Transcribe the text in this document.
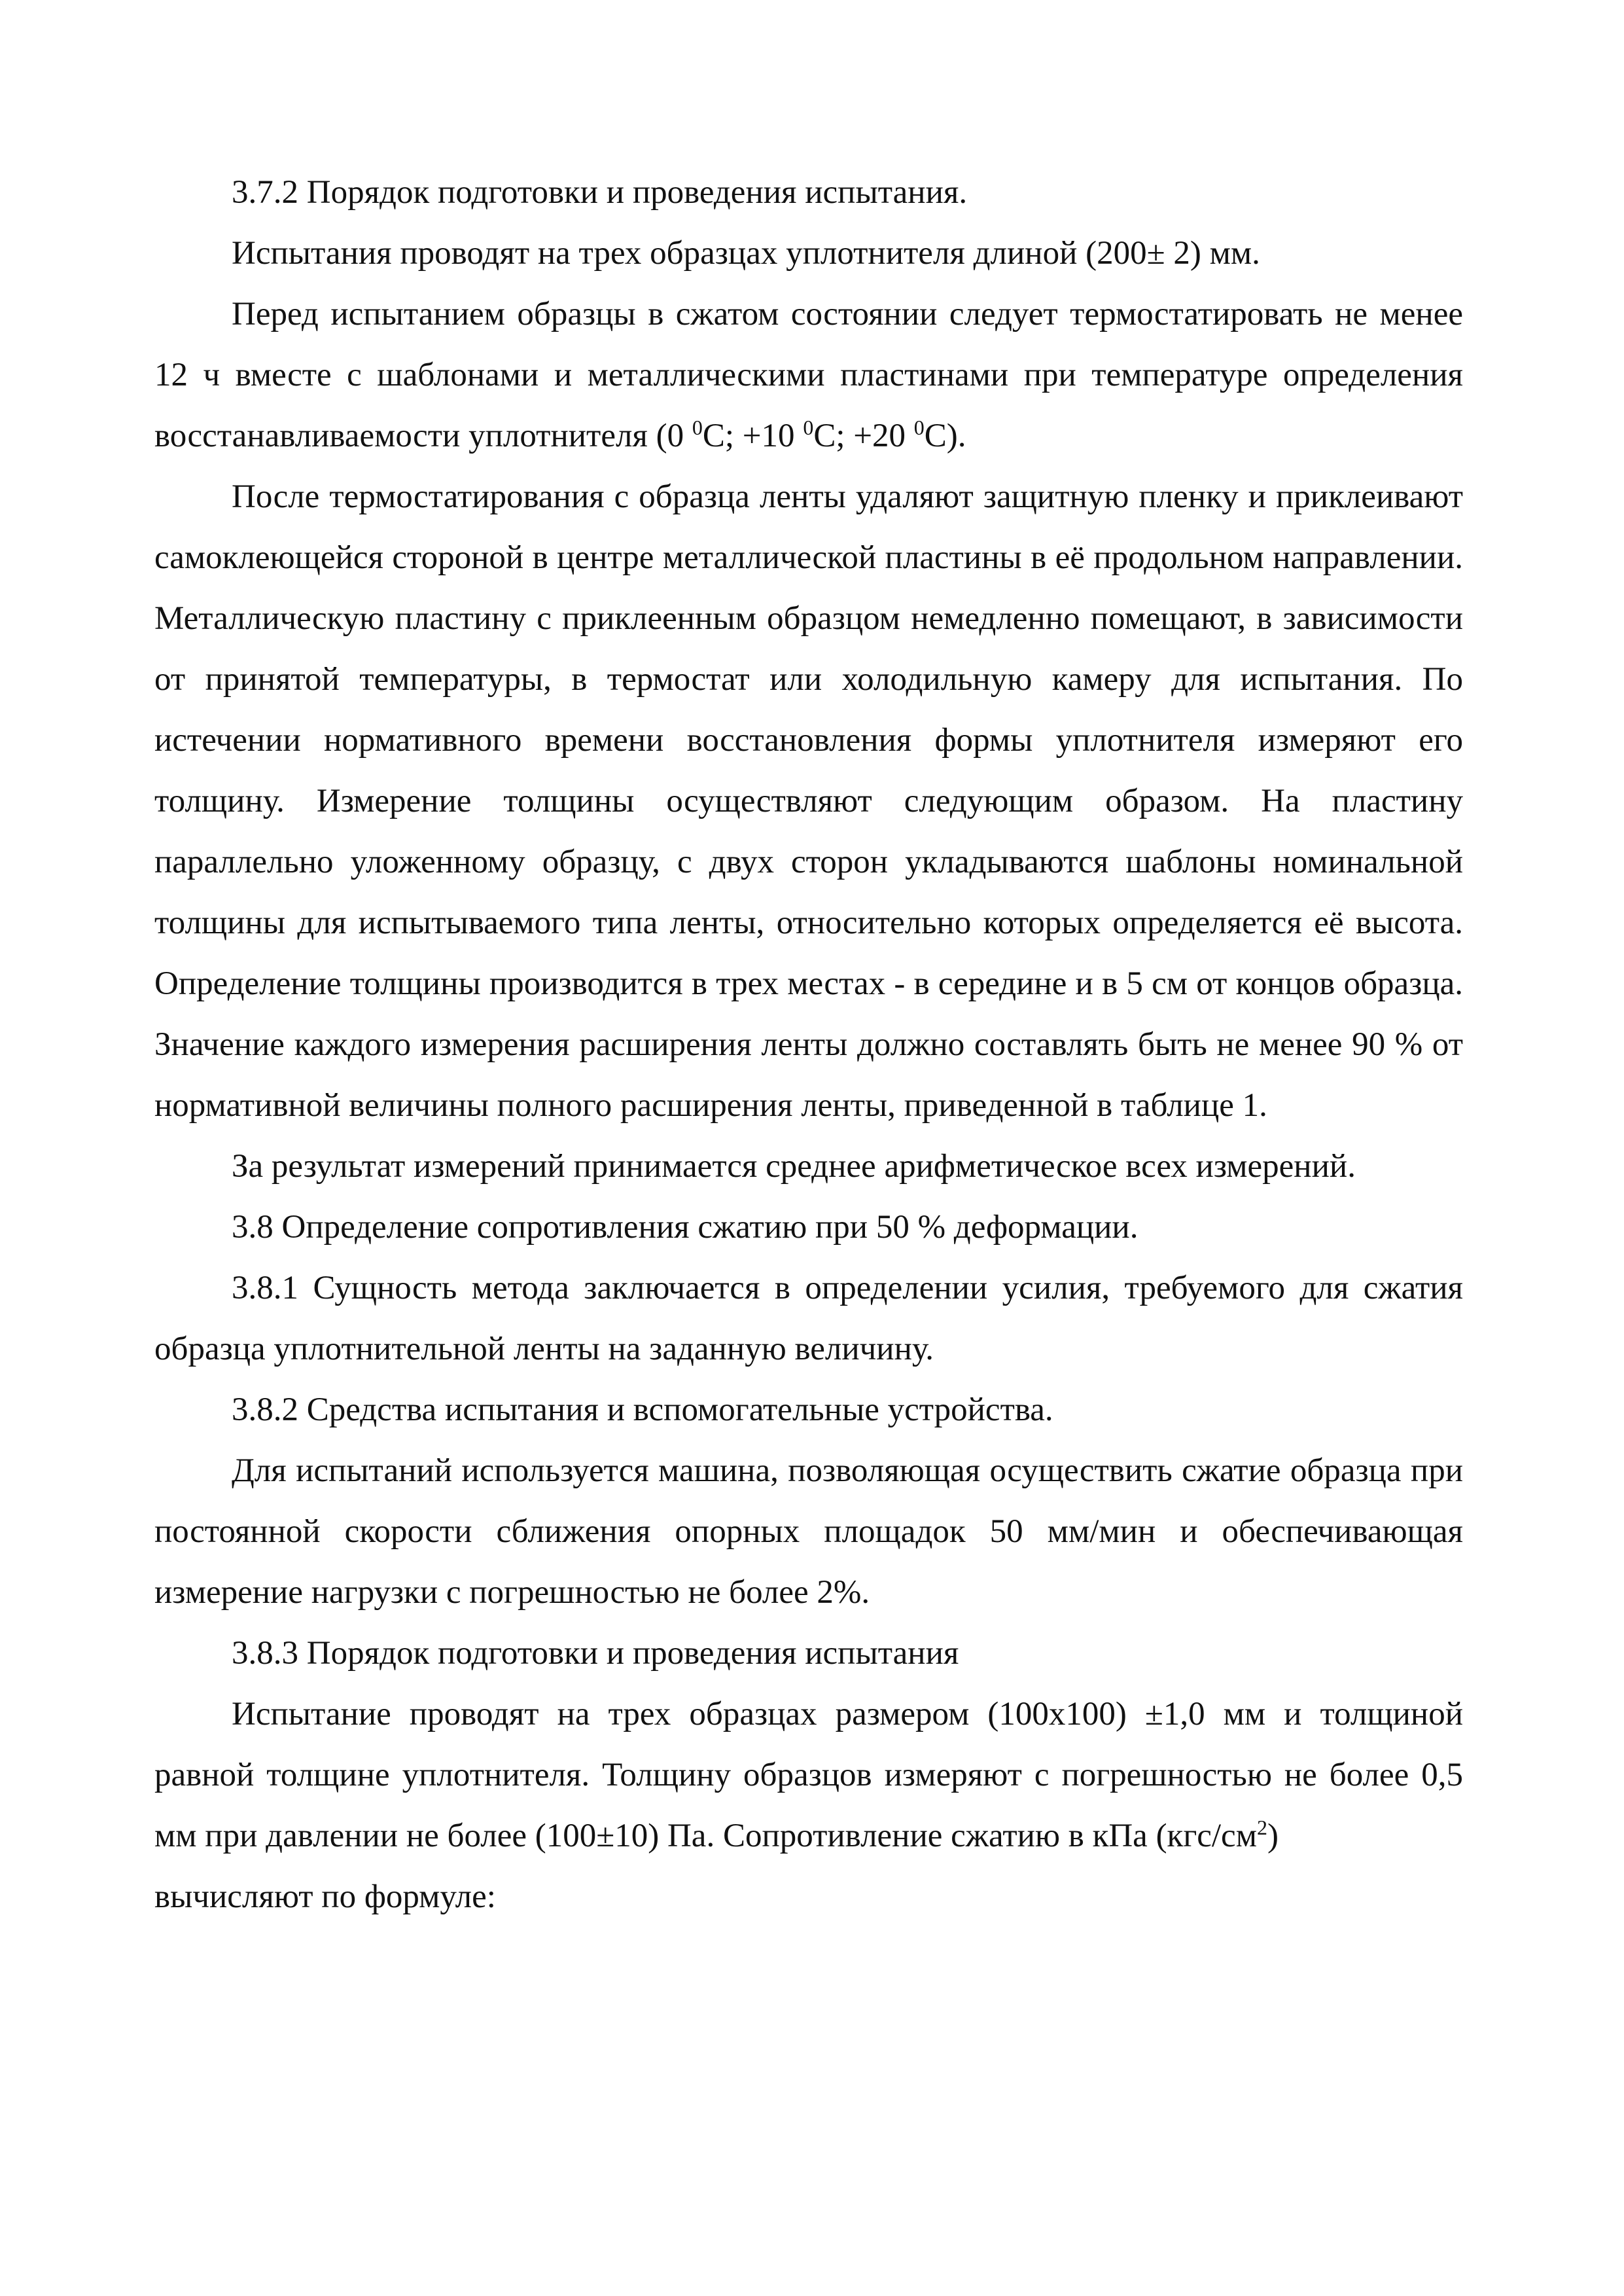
3.7.2 Порядок подготовки и проведения испытания.

Испытания проводят на трех образцах уплотнителя длиной (200± 2) мм.

Перед испытанием образцы в сжатом состоянии следует термостатировать не менее 12 ч вместе с шаблонами и металлическими пластинами при температуре определения восстанавливаемости уплотнителя (0 $^0$С; +10 $^0$С; +20 $^0$С).

После термостатирования с образца ленты удаляют защитную пленку и приклеивают самоклеющейся стороной в центре металлической пластины в её продольном направлении. Металлическую пластину с приклеенным образцом немедленно помещают, в зависимости от принятой температуры, в термостат или холодильную камеру для испытания. По истечении нормативного времени восстановления формы уплотнителя измеряют его толщину. Измерение толщины осуществляют следующим образом. На пластину параллельно уложенному образцу, с двух сторон укладываются шаблоны номинальной толщины для испытываемого типа ленты, относительно которых определяется её высота. Определение толщины производится в трех местах - в середине и в 5 см от концов образца. Значение каждого измерения расширения ленты должно составлять быть не менее 90 % от нормативной величины полного расширения ленты, приведенной в таблице 1.

За результат измерений принимается среднее арифметическое всех измерений.

3.8 Определение сопротивления сжатию при 50 % деформации.

3.8.1 Сущность метода заключается в определении усилия, требуемого для сжатия образца уплотнительной ленты на заданную величину.

3.8.2 Средства испытания и вспомогательные устройства.

Для испытаний используется машина, позволяющая осуществить сжатие образца при постоянной скорости сближения опорных площадок 50 мм/мин и обеспечивающая измерение нагрузки с погрешностью не более 2%.

3.8.3 Порядок подготовки и проведения испытания

Испытание проводят на трех образцах размером (100х100) ±1,0 мм и толщиной равной толщине уплотнителя. Толщину образцов измеряют с погрешностью не более 0,5 мм при давлении не более (100±10) Па. Сопротивление сжатию в кПа $(кгс/см^2)$

вычисляют по формуле:
